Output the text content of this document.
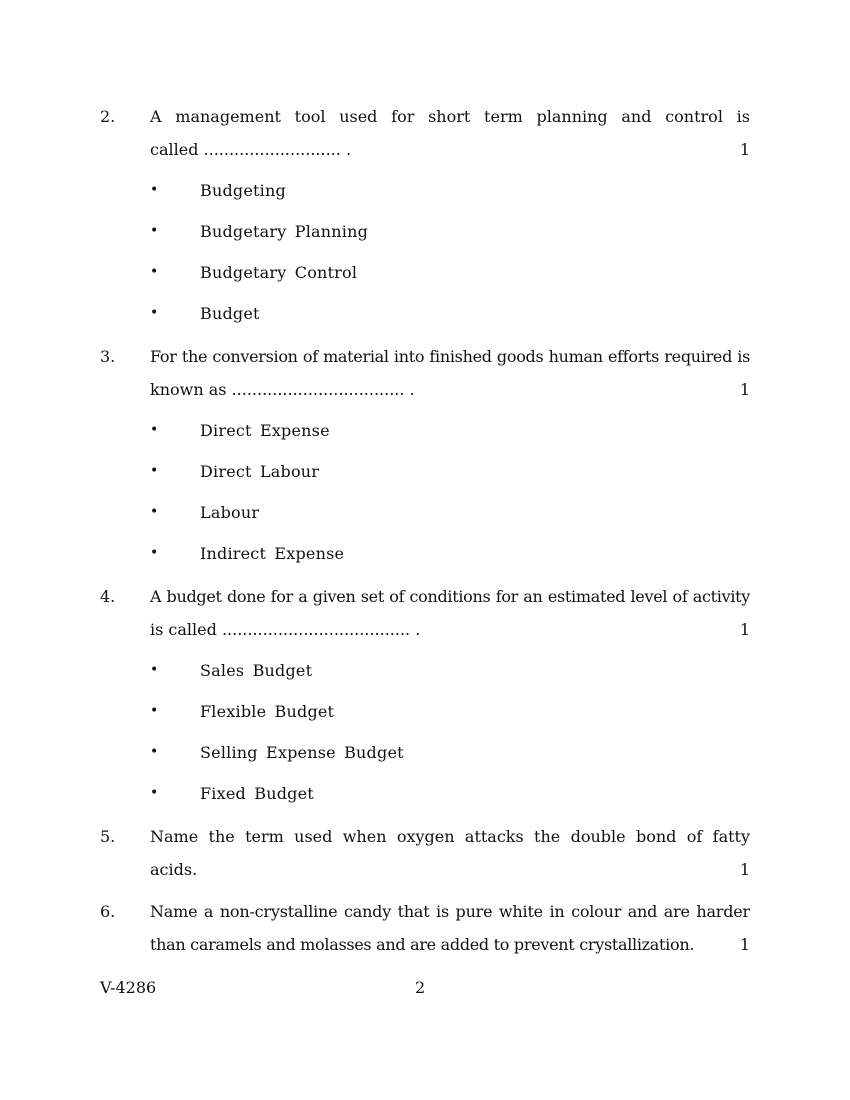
2. A management tool used for short term planning and control is
called ........................... .	1
•	Budgeting
•	Budgetary Planning
•	Budgetary Control
•	Budget
3. For the conversion of material into finished goods human efforts required is
known as .................................. .	1
•	Direct Expense
•	Direct Labour
•	Labour
•	Indirect Expense
4. A budget done for a given set of conditions for an estimated level of activity
is called ..................................... .	1
•	Sales Budget
•	Flexible Budget
•	Selling Expense Budget
•	Fixed Budget
5. Name the term used when oxygen attacks the double bond of fatty
acids.	1
6. Name a non-crystalline candy that is pure white in colour and are harder
than caramels and molasses and are added to prevent crystallization.	1
V-4286	2
